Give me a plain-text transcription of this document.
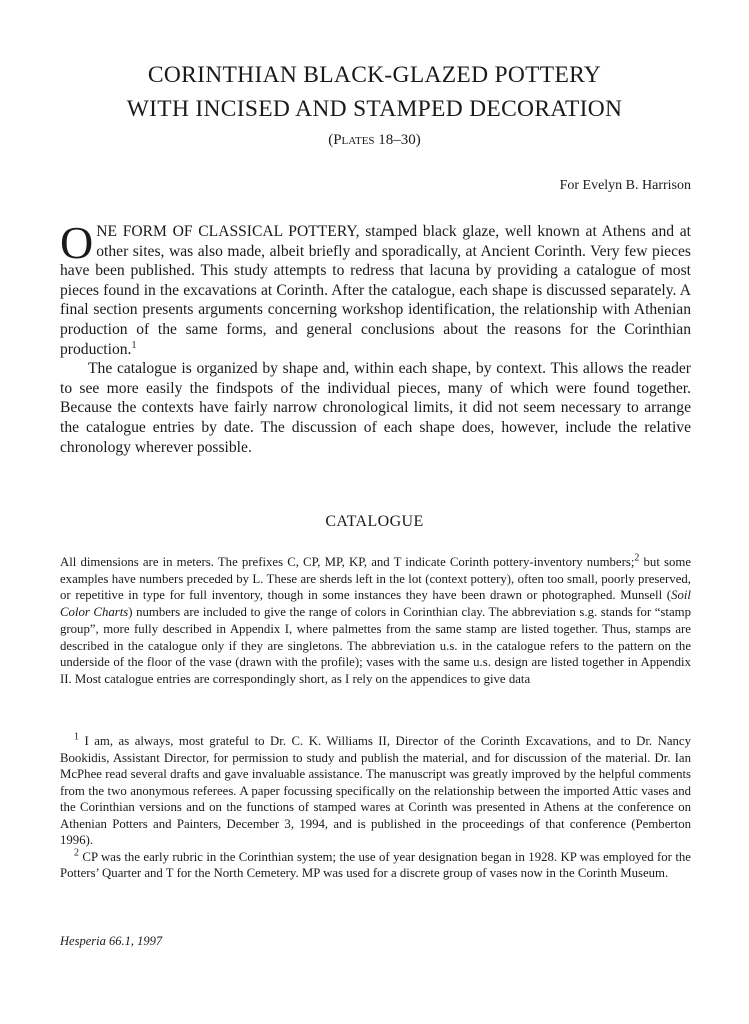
CORINTHIAN BLACK-GLAZED POTTERY
WITH INCISED AND STAMPED DECORATION

(Plates 18–30)

For Evelyn B. Harrison

ONE FORM OF CLASSICAL POTTERY, stamped black glaze, well known at Athens and at other sites, was also made, albeit briefly and sporadically, at Ancient Corinth. Very few pieces have been published. This study attempts to redress that lacuna by providing a catalogue of most pieces found in the excavations at Corinth. After the catalogue, each shape is discussed separately. A final section presents arguments concerning workshop identification, the relationship with Athenian production of the same forms, and general conclusions about the reasons for the Corinthian production.$^1$

The catalogue is organized by shape and, within each shape, by context. This allows the reader to see more easily the findspots of the individual pieces, many of which were found together. Because the contexts have fairly narrow chronological limits, it did not seem necessary to arrange the catalogue entries by date. The discussion of each shape does, however, include the relative chronology wherever possible.

CATALOGUE

All dimensions are in meters. The prefixes C, CP, MP, KP, and T indicate Corinth pottery-inventory numbers;$^2$ but some examples have numbers preceded by L. These are sherds left in the lot (context pottery), often too small, poorly preserved, or repetitive in type for full inventory, though in some instances they have been drawn or photographed. Munsell (Soil Color Charts) numbers are included to give the range of colors in Corinthian clay. The abbreviation s.g. stands for “stamp group”, more fully described in Appendix I, where palmettes from the same stamp are listed together. Thus, stamps are described in the catalogue only if they are singletons. The abbreviation u.s. in the catalogue refers to the pattern on the underside of the floor of the vase (drawn with the profile); vases with the same u.s. design are listed together in Appendix II. Most catalogue entries are correspondingly short, as I rely on the appendices to give data

$^1$ I am, as always, most grateful to Dr. C. K. Williams II, Director of the Corinth Excavations, and to Dr. Nancy Bookidis, Assistant Director, for permission to study and publish the material, and for discussion of the material. Dr. Ian McPhee read several drafts and gave invaluable assistance. The manuscript was greatly improved by the helpful comments from the two anonymous referees. A paper focussing specifically on the relationship between the imported Attic vases and the Corinthian versions and on the functions of stamped wares at Corinth was presented in Athens at the conference on Athenian Potters and Painters, December 3, 1994, and is published in the proceedings of that conference (Pemberton 1996).

$^2$ CP was the early rubric in the Corinthian system; the use of year designation began in 1928. KP was employed for the Potters’ Quarter and T for the North Cemetery. MP was used for a discrete group of vases now in the Corinth Museum.

Hesperia 66.1, 1997
